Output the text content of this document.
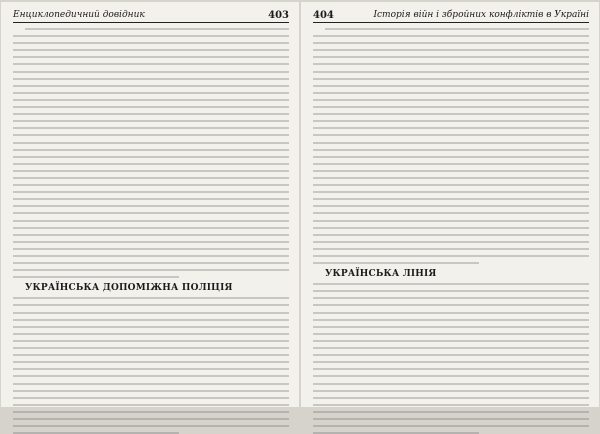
Енциклопедичний довідник	403
УКРАЇНСЬКА ДОПОМІЖНА ПОЛІЦІЯ
404	Історія війн і збройних конфліктів в Україні
УКРАЇНСЬКА ЛІНІЯ
